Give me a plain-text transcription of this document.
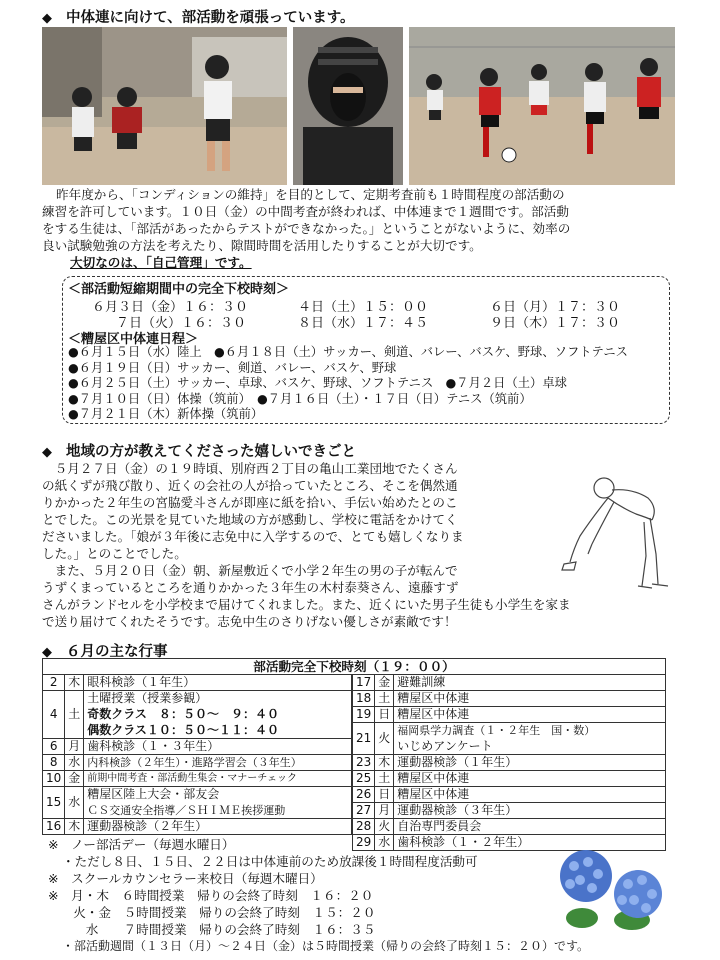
◆ 中体連に向けて、部活動を頑張っています。
昨年度から、「コンディションの維持」を目的として、定期考査前も１時間程度の部活動の
練習を許可しています。１０日（金）の中間考査が終われば、中体連まで１週間です。部活動
をする生徒は、「部活があったからテストができなかった。」ということがないように、効率の
良い試験勉強の方法を考えたり、隙間時間を活用したりすることが大切です。
大切なのは、「自己管理」です。
＜部活動短縮期間中の完全下校時刻＞
６月３日（金）１６：３０	４日（土）１５：００	６日（月）１７：３０
７日（火）１６：３０	８日（水）１７：４５	９日（木）１７：３０
＜糟屋区中体連日程＞
●６月１５日（水）陸上　●６月１８日（土）サッカー、剣道、バレー、バスケ、野球、ソフトテニス
●６月１９日（日）サッカー、剣道、バレー、バスケ、野球
●６月２５日（土）サッカー、卓球、バスケ、野球、ソフトテニス　●７月２日（土）卓球
●７月１０日（日）体操（筑前）　●７月１６日（土）・１７日（日）テニス（筑前）
●７月２１日（木）新体操（筑前）
◆ 地域の方が教えてくださった嬉しいできごと
　５月２７日（金）の１９時頃、別府西２丁目の亀山工業団地でたくさん
の紙くずが飛び散り、近くの会社の人が拾っていたところ、そこを偶然通
りかかった２年生の宮脇愛斗さんが即座に紙を拾い、手伝い始めたとのこ
とでした。この光景を見ていた地域の方が感動し、学校に電話をかけてく
ださいました。「娘が３年後に志免中に入学するので、とても嬉しくなりま
した。」とのことでした。
　また、５月２０日（金）朝、新屋敷近くで小学２年生の男の子が転んで
うずくまっているところを通りかかった３年生の木村泰葵さん、遠藤すず
さんがランドセルを小学校まで届けてくれました。また、近くにいた男子生徒も小学生を家ま
で送り届けてくれたそうです。志免中生のさりげない優しさが素敵です！
◆ ６月の主な行事
部活動完全下校時刻（１９：００）
2	木	眼科検診（１年生）
4	土	土曜授業（授業参観）
		奇数クラス　８：５０〜　９：４０
		偶数クラス１０：５０〜１１：４０
6	月	歯科検診（１・３年生）
8	水	内科検診（２年生）・進路学習会（３年生）
10	金	前期中間考査・部活動生集会・マナーチェック
15	水	糟屋区陸上大会・部友会
		ＣＳ交通安全指導／ＳＨＩＭＥ挨拶運動
16	木	運動器検診（２年生）
17	金	避難訓練
18	土	糟屋区中体連
19	日	糟屋区中体連
21	火	福岡県学力調査（１・２年生　国・数）
		いじめアンケート
23	木	運動器検診（１年生）
25	土	糟屋区中体連
26	日	糟屋区中体連
27	月	運動器検診（３年生）
28	火	自治専門委員会
29	水	歯科検診（１・２年生）
※　ノー部活デー（毎週水曜日）
・ただし８日、１５日、２２日は中体連前のため放課後１時間程度活動可
※　スクールカウンセラー来校日（毎週木曜日）
※　月・木　６時間授業　帰りの会終了時刻　１６：２０
　　火・金　５時間授業　帰りの会終了時刻　１５：２０
　　　水　　７時間授業　帰りの会終了時刻　１６：３５
・部活動週間（１３日（月）〜２４日（金）は５時間授業（帰りの会終了時刻１５：２０）です。
